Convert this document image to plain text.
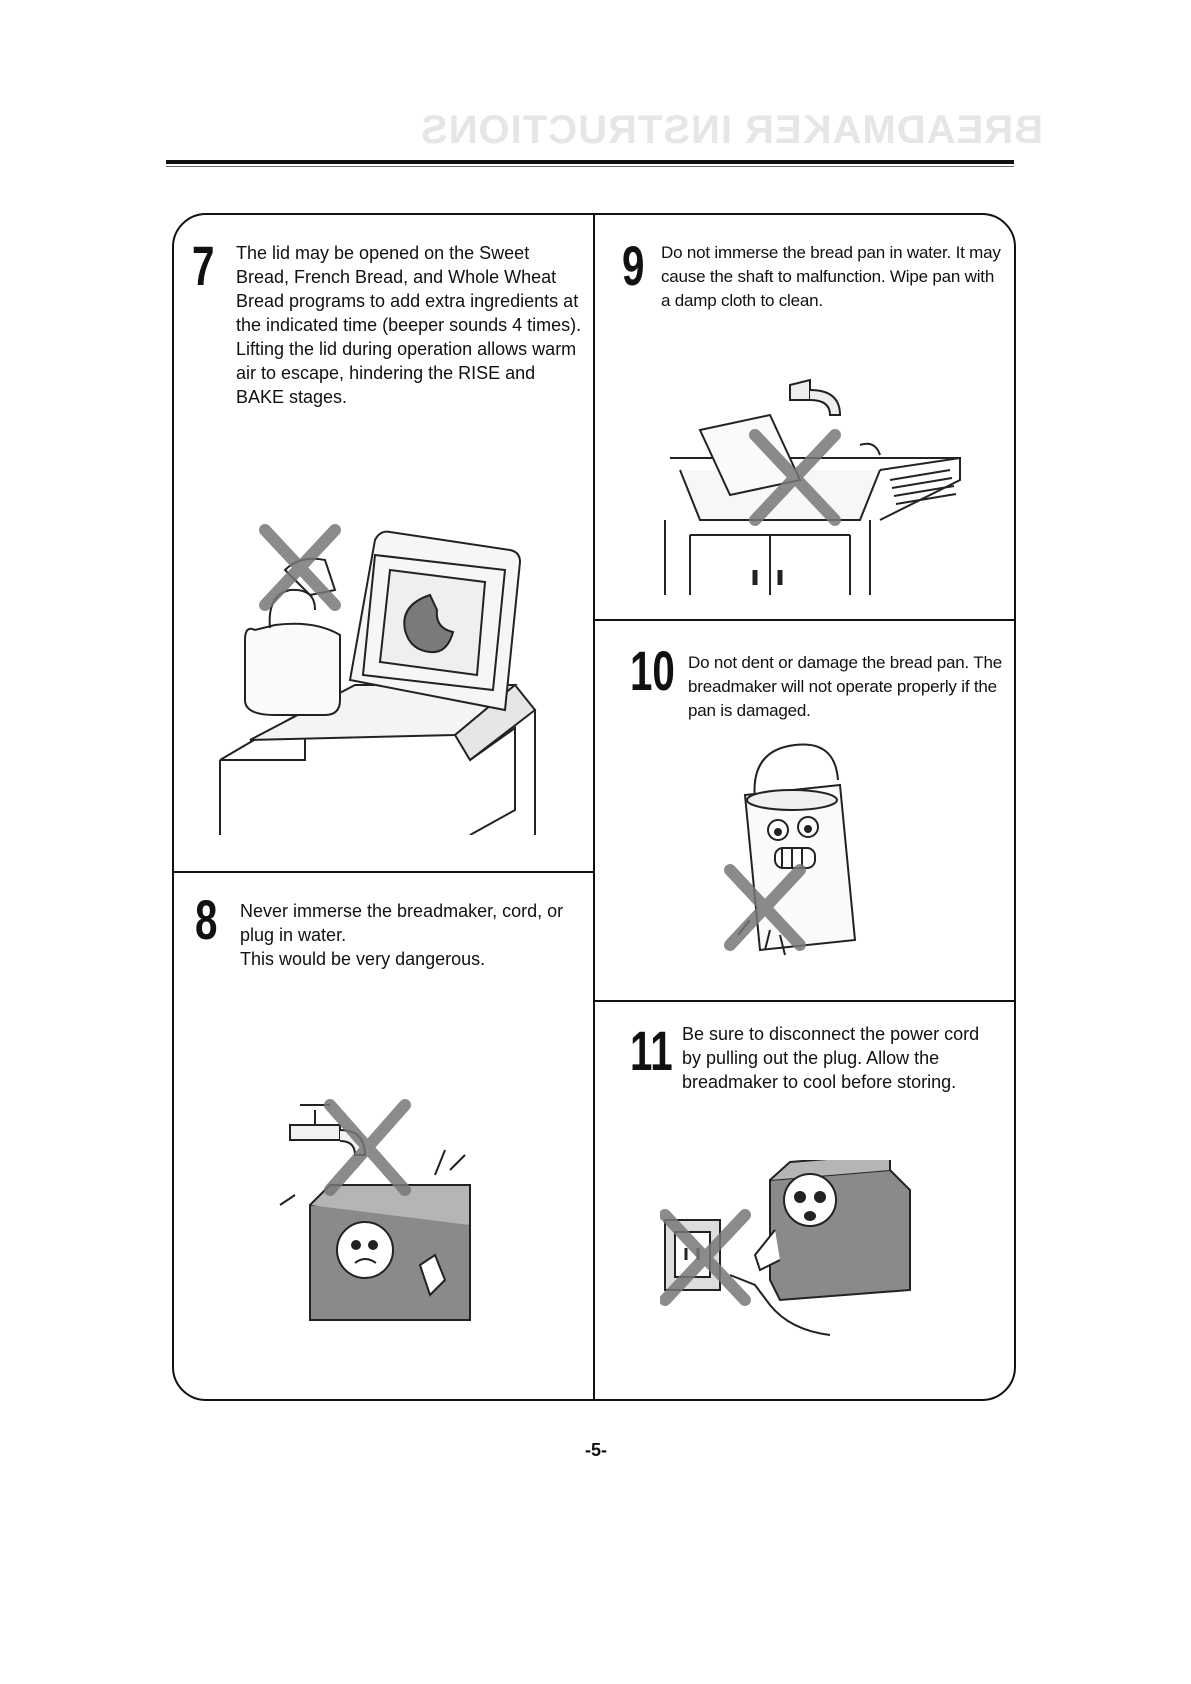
BREADMAKER INSTRUCTIONS
7 The lid may be opened on the Sweet Bread, French Bread, and Whole Wheat Bread programs to add extra ingredients at the indicated time (beeper sounds 4 times). Lifting the lid during operation allows warm air to escape, hindering the RISE and BAKE stages.
8 Never immerse the breadmaker, cord, or plug in water.
This would be very dangerous.
9 Do not immerse the bread pan in water. It may cause the shaft to malfunction. Wipe pan with a damp cloth to clean.
10 Do not dent or damage the bread pan. The breadmaker will not operate properly if the pan is damaged.
11 Be sure to disconnect the power cord by pulling out the plug. Allow the breadmaker to cool before storing.
-5-
